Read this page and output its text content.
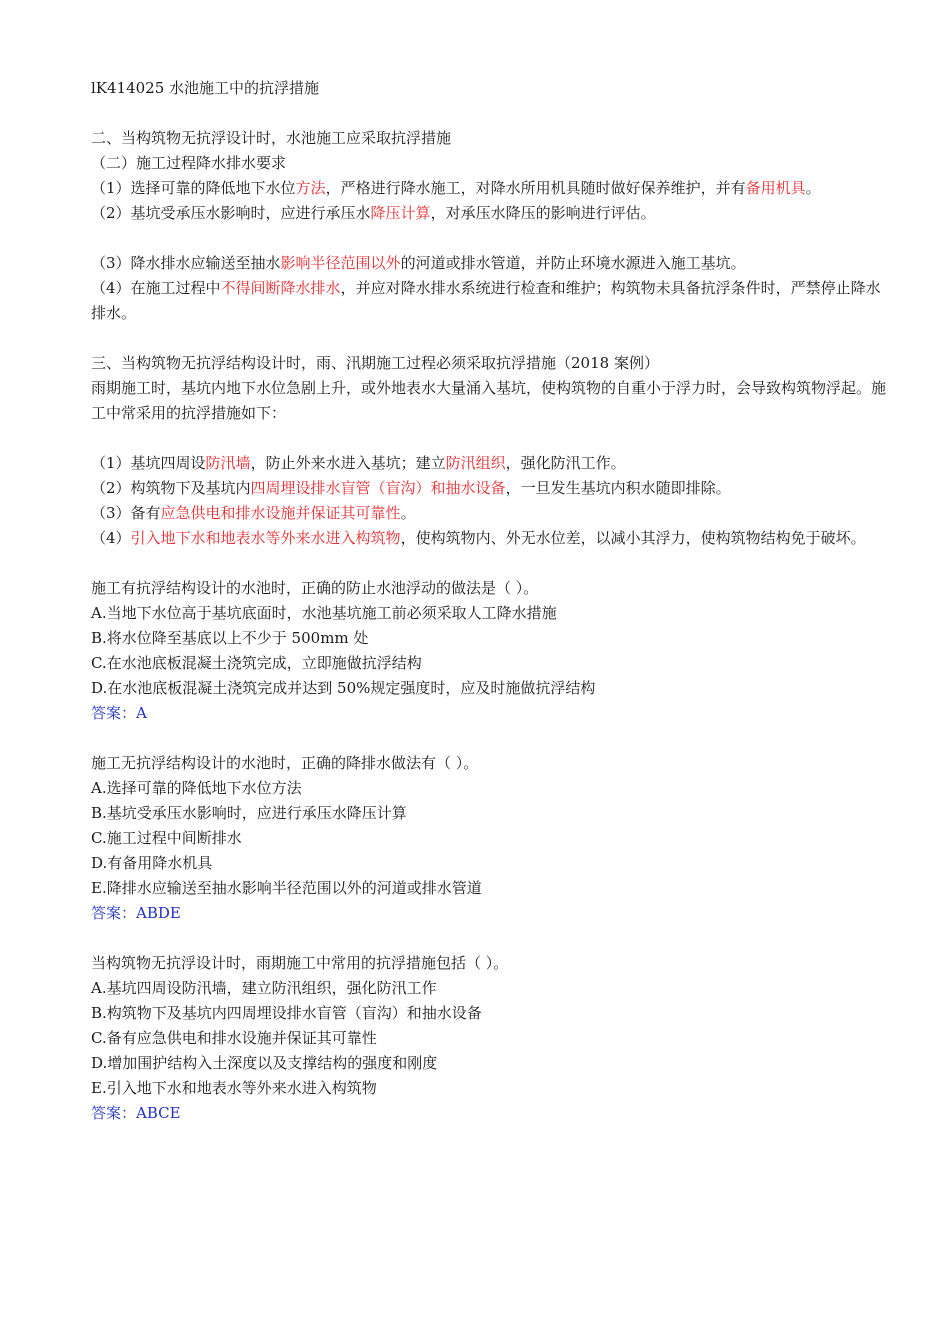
lK414025 水池施工中的抗浮措施
二、当构筑物无抗浮设计时，水池施工应采取抗浮措施
（二）施工过程降水排水要求
（1）选择可靠的降低地下水位方法，严格进行降水施工，对降水所用机具随时做好保养维护，并有备用机具。
（2）基坑受承压水影响时，应进行承压水降压计算，对承压水降压的影响进行评估。
（3）降水排水应输送至抽水影响半径范围以外的河道或排水管道，并防止环境水源进入施工基坑。
（4）在施工过程中不得间断降水排水，并应对降水排水系统进行检查和维护；构筑物未具备抗浮条件时，严禁停止降水排水。
三、当构筑物无抗浮结构设计时，雨、汛期施工过程必须采取抗浮措施（2018 案例）
雨期施工时，基坑内地下水位急剧上升，或外地表水大量涌入基坑，使构筑物的自重小于浮力时，会导致构筑物浮起。施工中常采用的抗浮措施如下：
（1）基坑四周设防汛墙，防止外来水进入基坑；建立防汛组织，强化防汛工作。
（2）构筑物下及基坑内四周埋设排水盲管（盲沟）和抽水设备，一旦发生基坑内积水随即排除。
（3）备有应急供电和排水设施并保证其可靠性。
（4）引入地下水和地表水等外来水进入构筑物，使构筑物内、外无水位差，以减小其浮力，使构筑物结构免于破坏。
施工有抗浮结构设计的水池时，正确的防止水池浮动的做法是（ ）。
A.当地下水位高于基坑底面时，水池基坑施工前必须采取人工降水措施
B.将水位降至基底以上不少于 500mm 处
C.在水池底板混凝土浇筑完成，立即施做抗浮结构
D.在水池底板混凝土浇筑完成并达到 50%规定强度时，应及时施做抗浮结构
答案：A
施工无抗浮结构设计的水池时，正确的降排水做法有（ ）。
A.选择可靠的降低地下水位方法
B.基坑受承压水影响时，应进行承压水降压计算
C.施工过程中间断排水
D.有备用降水机具
E.降排水应输送至抽水影响半径范围以外的河道或排水管道
答案：ABDE
当构筑物无抗浮设计时，雨期施工中常用的抗浮措施包括（ ）。
A.基坑四周设防汛墙，建立防汛组织，强化防汛工作
B.构筑物下及基坑内四周埋设排水盲管（盲沟）和抽水设备
C.备有应急供电和排水设施并保证其可靠性
D.增加围护结构入土深度以及支撑结构的强度和刚度
E.引入地下水和地表水等外来水进入构筑物
答案：ABCE
